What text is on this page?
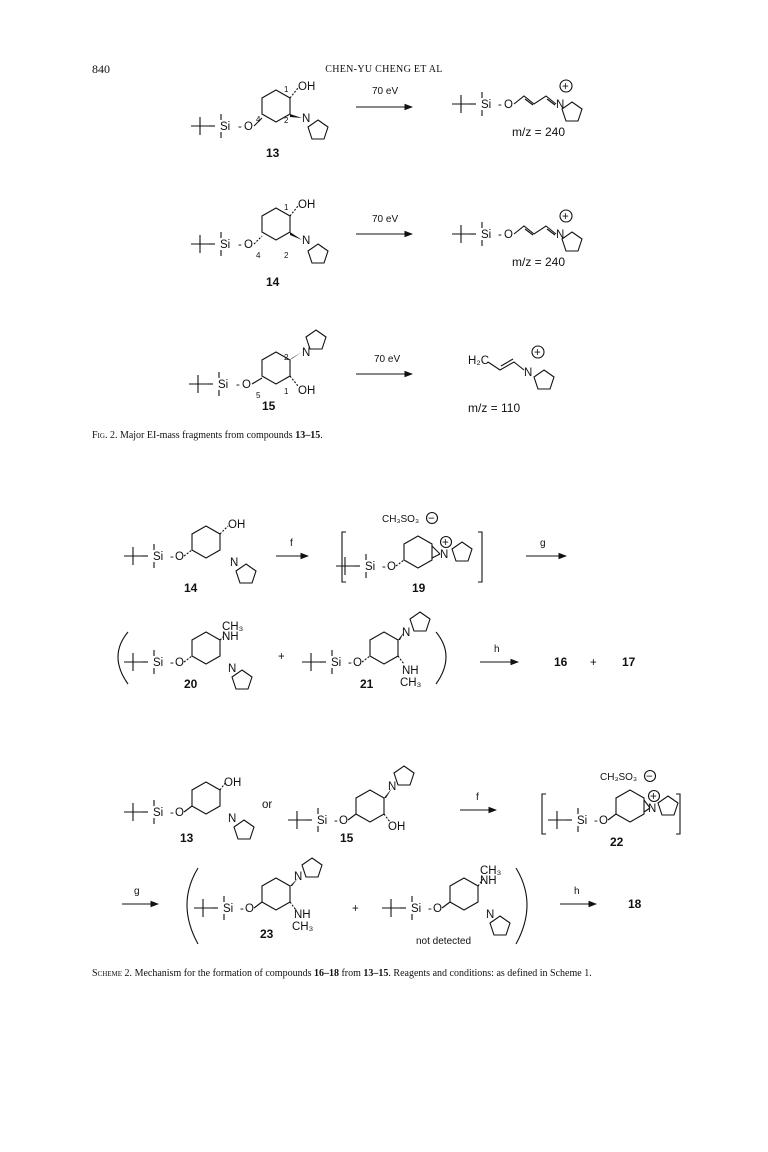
840	CHEN-YU CHENG ET AL
Si - O
4
1
2
OH
N
13
70 eV
Si - O	N
+
m/z = 240
Si - O
4
1
2
OH
N
14
70 eV
Si - O	N
+
m/z = 240
Si - O
5	1
2 N
OH
15
70 eV	H₂C
N
+
m/z = 110
Si - O
OH
N
14
f
CH₃SO₃ −
Si - O
N
+
19
g
Si - O
NH
CH₃
N
20
+	Si - O
N
NH
CH₃
21
h
16 + 17
Si - O
OH
N
13
or
Si - O
N
OH
15
f
CH₃SO₃ −
Si - O
N
+
22
g
Si - O
N
NH
CH₃
23
+	Si - O
NH
CH₃
N
not detected
h
18
Fig. 2. Major EI-mass fragments from compounds 13–15.
Scheme 2. Mechanism for the formation of compounds 16–18 from 13–15. Reagents and conditions: as defined in Scheme 1.
